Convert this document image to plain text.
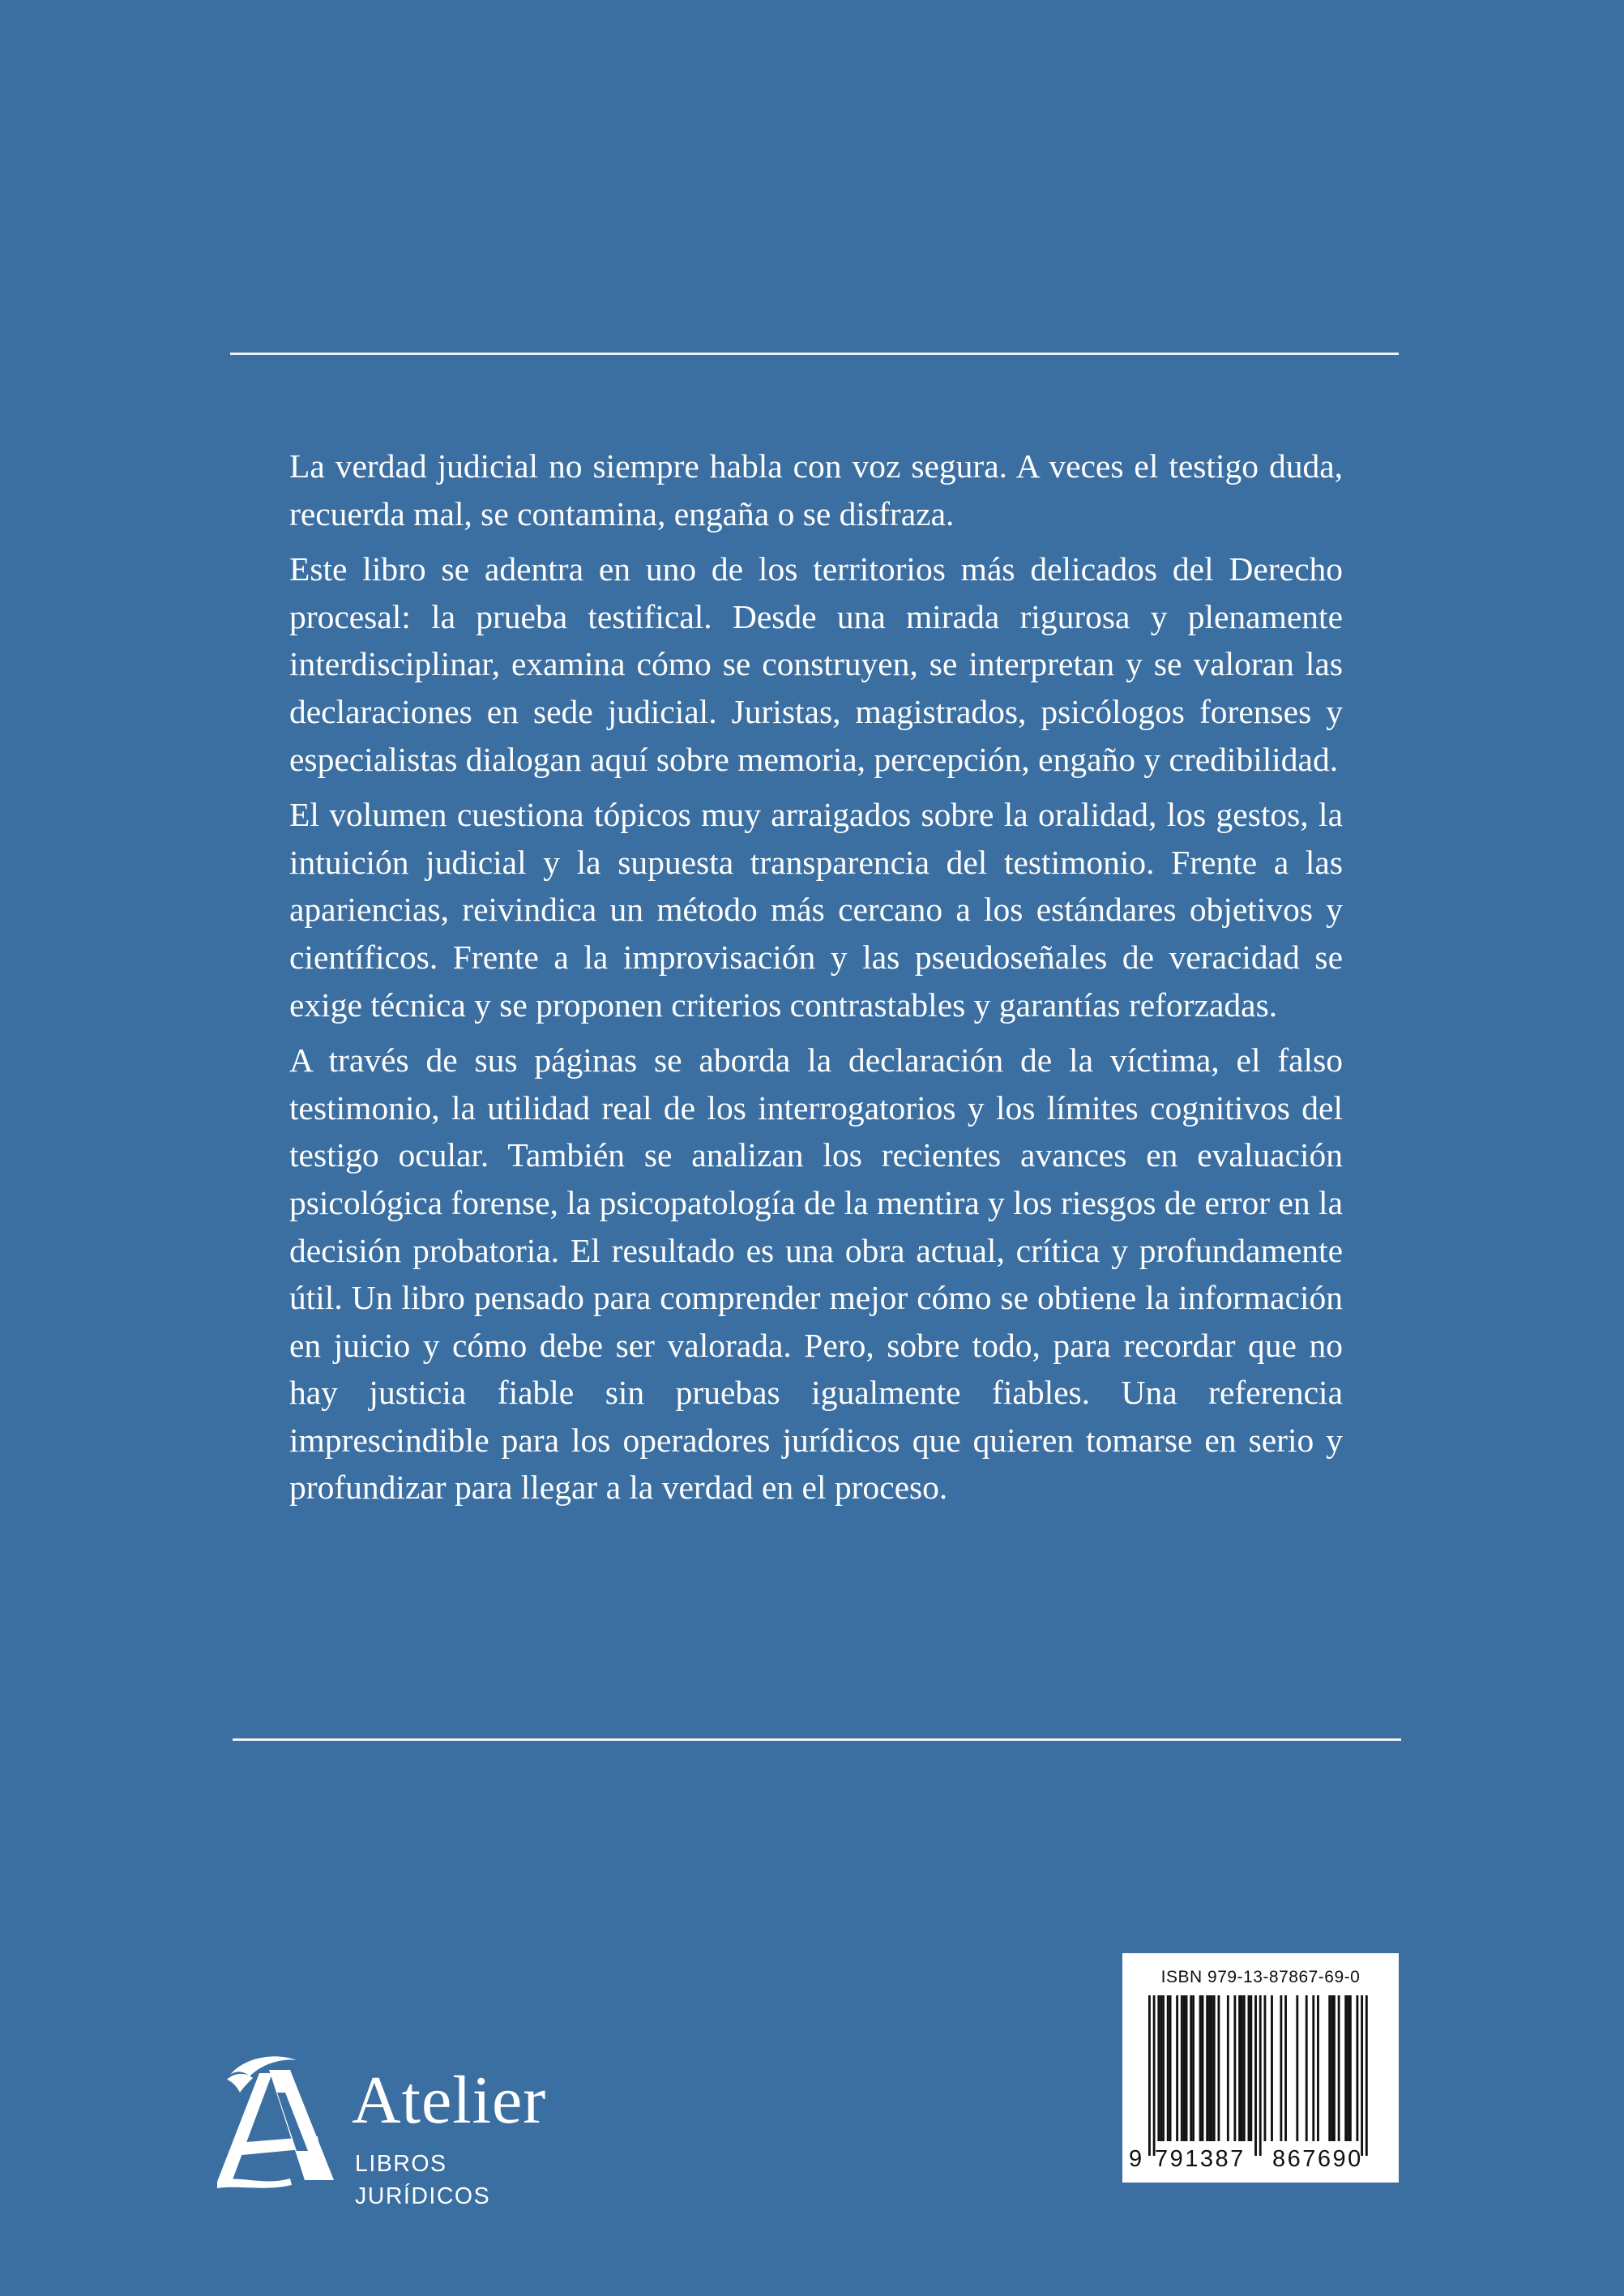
La verdad judicial no siempre habla con voz segura. A veces el testigo duda, recuerda mal, se contamina, engaña o se disfraza.

Este libro se adentra en uno de los territorios más delicados del Derecho procesal: la prueba testifical. Desde una mirada rigurosa y plenamente interdisciplinar, examina cómo se construyen, se interpretan y se valoran las declaraciones en sede judicial. Juristas, magistrados, psicólogos forenses y especialistas dialogan aquí sobre memoria, percepción, engaño y credibilidad.

El volumen cuestiona tópicos muy arraigados sobre la oralidad, los gestos, la intuición judicial y la supuesta transparencia del testimonio. Frente a las apariencias, reivindica un método más cercano a los estándares objetivos y científicos. Frente a la improvisación y las pseudoseñales de veracidad se exige técnica y se proponen criterios contrastables y garantías reforzadas.

A través de sus páginas se aborda la declaración de la víctima, el falso testimonio, la utilidad real de los interrogatorios y los límites cognitivos del testigo ocular. También se analizan los recientes avances en evaluación psicológica forense, la psicopatología de la mentira y los riesgos de error en la decisión probatoria. El resultado es una obra actual, crítica y profundamente útil. Un libro pensado para comprender mejor cómo se obtiene la información en juicio y cómo debe ser valorada. Pero, sobre todo, para recordar que no hay justicia fiable sin pruebas igualmente fiables. Una referencia imprescindible para los operadores jurídicos que quieren tomarse en serio y profundizar para llegar a la verdad en el proceso.

Atelier
LIBROS JURÍDICOS
ISBN 979-13-87867-69-0
9 791387 867690
